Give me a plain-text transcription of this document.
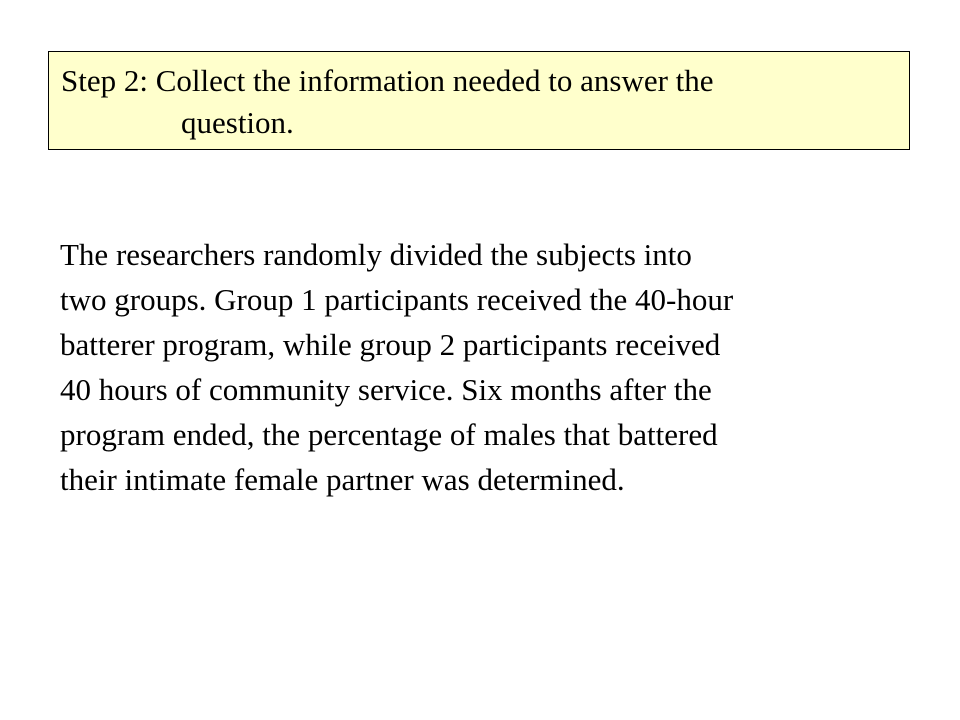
Step 2: Collect the information needed to answer the
question.
The researchers randomly divided the subjects into
two groups. Group 1 participants received the 40-hour
batterer program, while group 2 participants received
40 hours of community service. Six months after the
program ended, the percentage of males that battered
their intimate female partner was determined.
